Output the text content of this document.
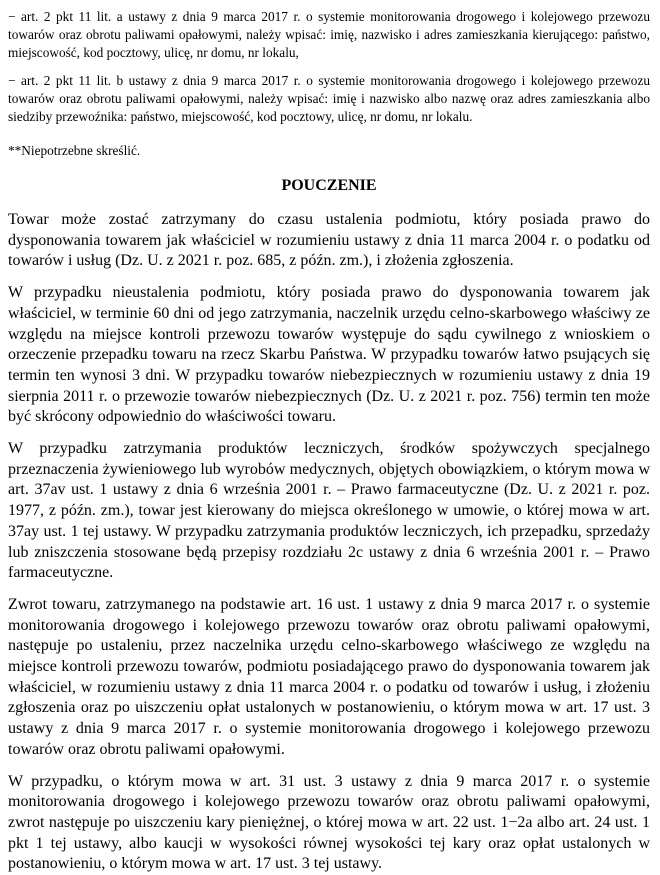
− art. 2 pkt 11 lit. a ustawy z dnia 9 marca 2017 r. o systemie monitorowania drogowego i kolejowego przewozu towarów oraz obrotu paliwami opałowymi, należy wpisać: imię, nazwisko i adres zamieszkania kierującego: państwo, miejscowość, kod pocztowy, ulicę, nr domu, nr lokalu,

− art. 2 pkt 11 lit. b ustawy z dnia 9 marca 2017 r. o systemie monitorowania drogowego i kolejowego przewozu towarów oraz obrotu paliwami opałowymi, należy wpisać: imię i nazwisko albo nazwę oraz adres zamieszkania albo siedziby przewoźnika: państwo, miejscowość, kod pocztowy, ulicę, nr domu, nr lokalu.

**Niepotrzebne skreślić.

POUCZENIE

Towar może zostać zatrzymany do czasu ustalenia podmiotu, który posiada prawo do dysponowania towarem jak właściciel w rozumieniu ustawy z dnia 11 marca 2004 r. o podatku od towarów i usług (Dz. U. z 2021 r. poz. 685, z późn. zm.), i złożenia zgłoszenia.

W przypadku nieustalenia podmiotu, który posiada prawo do dysponowania towarem jak właściciel, w terminie 60 dni od jego zatrzymania, naczelnik urzędu celno-skarbowego właściwy ze względu na miejsce kontroli przewozu towarów występuje do sądu cywilnego z wnioskiem o orzeczenie przepadku towaru na rzecz Skarbu Państwa. W przypadku towarów łatwo psujących się termin ten wynosi 3 dni. W przypadku towarów niebezpiecznych w rozumieniu ustawy z dnia 19 sierpnia 2011 r. o przewozie towarów niebezpiecznych (Dz. U. z 2021 r. poz. 756) termin ten może być skrócony odpowiednio do właściwości towaru.

W przypadku zatrzymania produktów leczniczych, środków spożywczych specjalnego przeznaczenia żywieniowego lub wyrobów medycznych, objętych obowiązkiem, o którym mowa w art. 37av ust. 1 ustawy z dnia 6 września 2001 r. – Prawo farmaceutyczne (Dz. U. z 2021 r. poz. 1977, z późn. zm.), towar jest kierowany do miejsca określonego w umowie, o której mowa w art. 37ay ust. 1 tej ustawy. W przypadku zatrzymania produktów leczniczych, ich przepadku, sprzedaży lub zniszczenia stosowane będą przepisy rozdziału 2c ustawy z dnia 6 września 2001 r. – Prawo farmaceutyczne.

Zwrot towaru, zatrzymanego na podstawie art. 16 ust. 1 ustawy z dnia 9 marca 2017 r. o systemie monitorowania drogowego i kolejowego przewozu towarów oraz obrotu paliwami opałowymi, następuje po ustaleniu, przez naczelnika urzędu celno-skarbowego właściwego ze względu na miejsce kontroli przewozu towarów, podmiotu posiadającego prawo do dysponowania towarem jak właściciel, w rozumieniu ustawy z dnia 11 marca 2004 r. o podatku od towarów i usług, i złożeniu zgłoszenia oraz po uiszczeniu opłat ustalonych w postanowieniu, o którym mowa w art. 17 ust. 3 ustawy z dnia 9 marca 2017 r. o systemie monitorowania drogowego i kolejowego przewozu towarów oraz obrotu paliwami opałowymi.

W przypadku, o którym mowa w art. 31 ust. 3 ustawy z dnia 9 marca 2017 r. o systemie monitorowania drogowego i kolejowego przewozu towarów oraz obrotu paliwami opałowymi, zwrot następuje po uiszczeniu kary pieniężnej, o której mowa w art. 22 ust. 1−2a albo art. 24 ust. 1 pkt 1 tej ustawy, albo kaucji w wysokości równej wysokości tej kary oraz opłat ustalonych w postanowieniu, o którym mowa w art. 17 ust. 3 tej ustawy.
